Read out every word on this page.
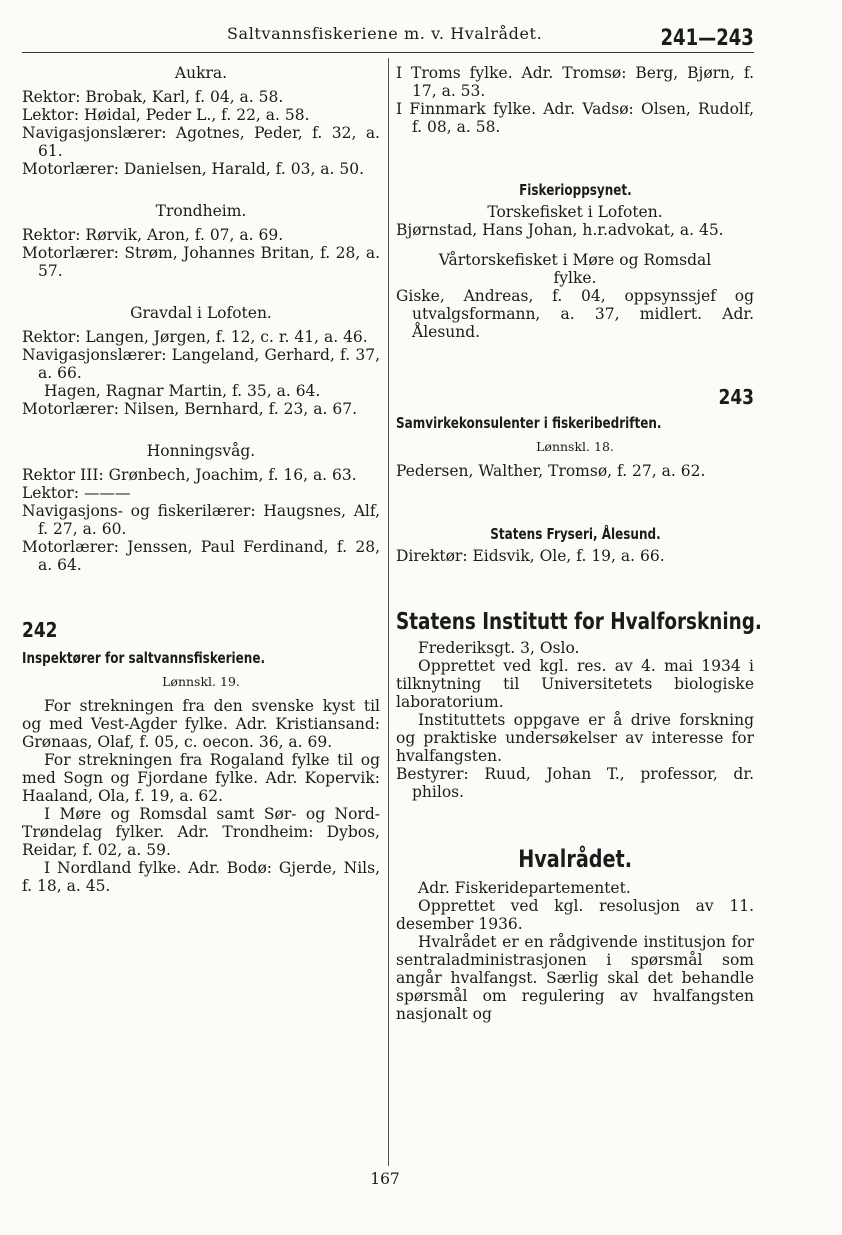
Saltvannsfiskeriene m. v. Hvalrådet.	241—243

Aukra.

Rektor: Brobak, Karl, f. 04, a. 58.

Lektor: Høidal, Peder L., f. 22, a. 58.

Navigasjonslærer: Agotnes, Peder, f. 32, a. 61.

Motorlærer: Danielsen, Harald, f. 03, a. 50.

Trondheim.

Rektor: Rørvik, Aron, f. 07, a. 69.

Motorlærer: Strøm, Johannes Britan, f. 28, a. 57.

Gravdal i Lofoten.

Rektor: Langen, Jørgen, f. 12, c. r. 41, a. 46.

Navigasjonslærer: Langeland, Gerhard, f. 37, a. 66.

Hagen, Ragnar Martin, f. 35, a. 64.

Motorlærer: Nilsen, Bernhard, f. 23, a. 67.

Honningsvåg.

Rektor III: Grønbech, Joachim, f. 16, a. 63.

Lektor: ———

Navigasjons- og fiskerilærer: Haugsnes, Alf, f. 27, a. 60.

Motorlærer: Jenssen, Paul Ferdinand, f. 28, a. 64.

242
Inspektører for saltvannsfiskeriene.

Lønnskl. 19.

For strekningen fra den svenske kyst til og med Vest-Agder fylke. Adr. Kristiansand: Grønaas, Olaf, f. 05, c. oecon. 36, a. 69.

For strekningen fra Rogaland fylke til og med Sogn og Fjordane fylke. Adr. Kopervik: Haaland, Ola, f. 19, a. 62.

I Møre og Romsdal samt Sør- og Nord-Trøndelag fylker. Adr. Trondheim: Dybos, Reidar, f. 02, a. 59.

I Nordland fylke. Adr. Bodø: Gjerde, Nils, f. 18, a. 45.

I Troms fylke. Adr. Tromsø: Berg, Bjørn, f. 17, a. 53.

I Finnmark fylke. Adr. Vadsø: Olsen, Rudolf, f. 08, a. 58.

Fiskerioppsynet.

Torskefisket i Lofoten.

Bjørnstad, Hans Johan, h.r.advokat, a. 45.

Vårtorskefisket i Møre og Romsdal fylke.

Giske, Andreas, f. 04, oppsynssjef og utvalgsformann, a. 37, midlert. Adr. Ålesund.

243
Samvirkekonsulenter i fiskeribedriften.

Lønnskl. 18.

Pedersen, Walther, Tromsø, f. 27, a. 62.

Statens Fryseri, Ålesund.

Direktør: Eidsvik, Ole, f. 19, a. 66.

Statens Institutt for Hvalforskning.

Frederiksgt. 3, Oslo.

Opprettet ved kgl. res. av 4. mai 1934 i tilknytning til Universitetets biologiske laboratorium.

Instituttets oppgave er å drive forskning og praktiske undersøkelser av interesse for hvalfangsten.

Bestyrer: Ruud, Johan T., professor, dr. philos.

Hvalrådet.

Adr. Fiskeridepartementet.

Opprettet ved kgl. resolusjon av 11. desember 1936.

Hvalrådet er en rådgivende institusjon for sentraladministrasjonen i spørsmål som angår hvalfangst. Særlig skal det behandle spørsmål om regulering av hvalfangsten nasjonalt og

167
